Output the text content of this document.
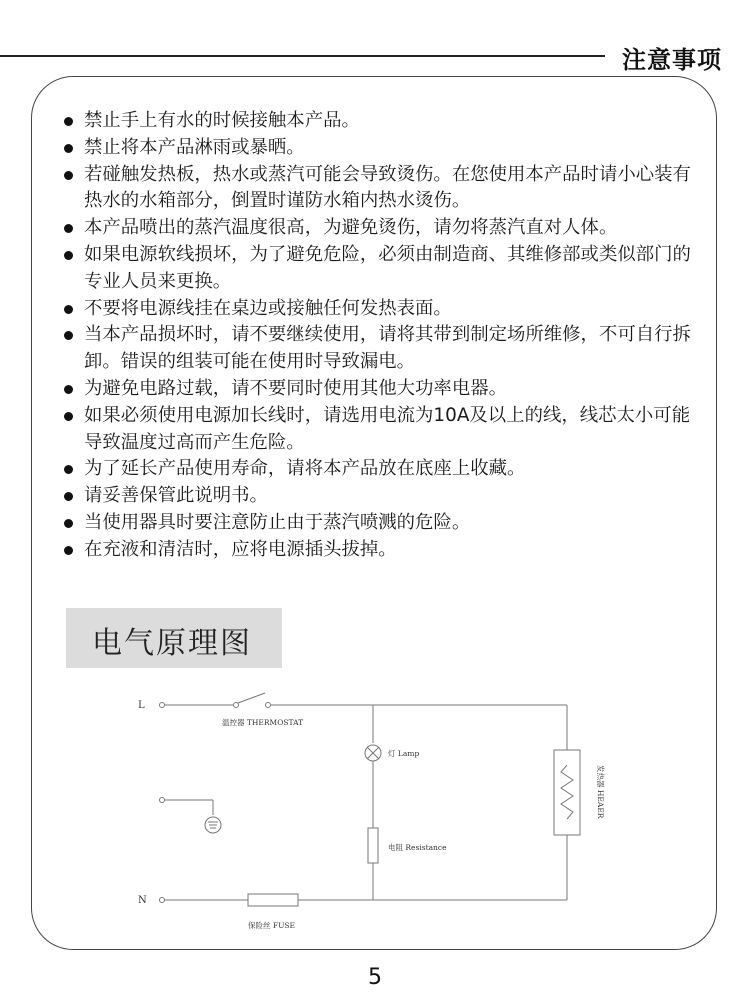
注意事项
禁止手上有水的时候接触本产品。
禁止将本产品淋雨或暴晒。
若碰触发热板，热水或蒸汽可能会导致烫伤。在您使用本产品时请小心装有热水的水箱部分，倒置时谨防水箱内热水烫伤。
本产品喷出的蒸汽温度很高，为避免烫伤，请勿将蒸汽直对人体。
如果电源软线损坏，为了避免危险，必须由制造商、其维修部或类似部门的专业人员来更换。
不要将电源线挂在桌边或接触任何发热表面。
当本产品损坏时，请不要继续使用，请将其带到制定场所维修，不可自行拆卸。错误的组装可能在使用时导致漏电。
为避免电路过载，请不要同时使用其他大功率电器。
如果必须使用电源加长线时，请选用电流为10A及以上的线，线芯太小可能导致温度过高而产生危险。
为了延长产品使用寿命，请将本产品放在底座上收藏。
请妥善保管此说明书。
当使用器具时要注意防止由于蒸汽喷溅的危险。
在充液和清洁时，应将电源插头拔掉。
电气原理图
L
N
温控器 THERMOSTAT
灯 Lamp
电阻 Resistance
保险丝 FUSE
发热器 HEAER
5
